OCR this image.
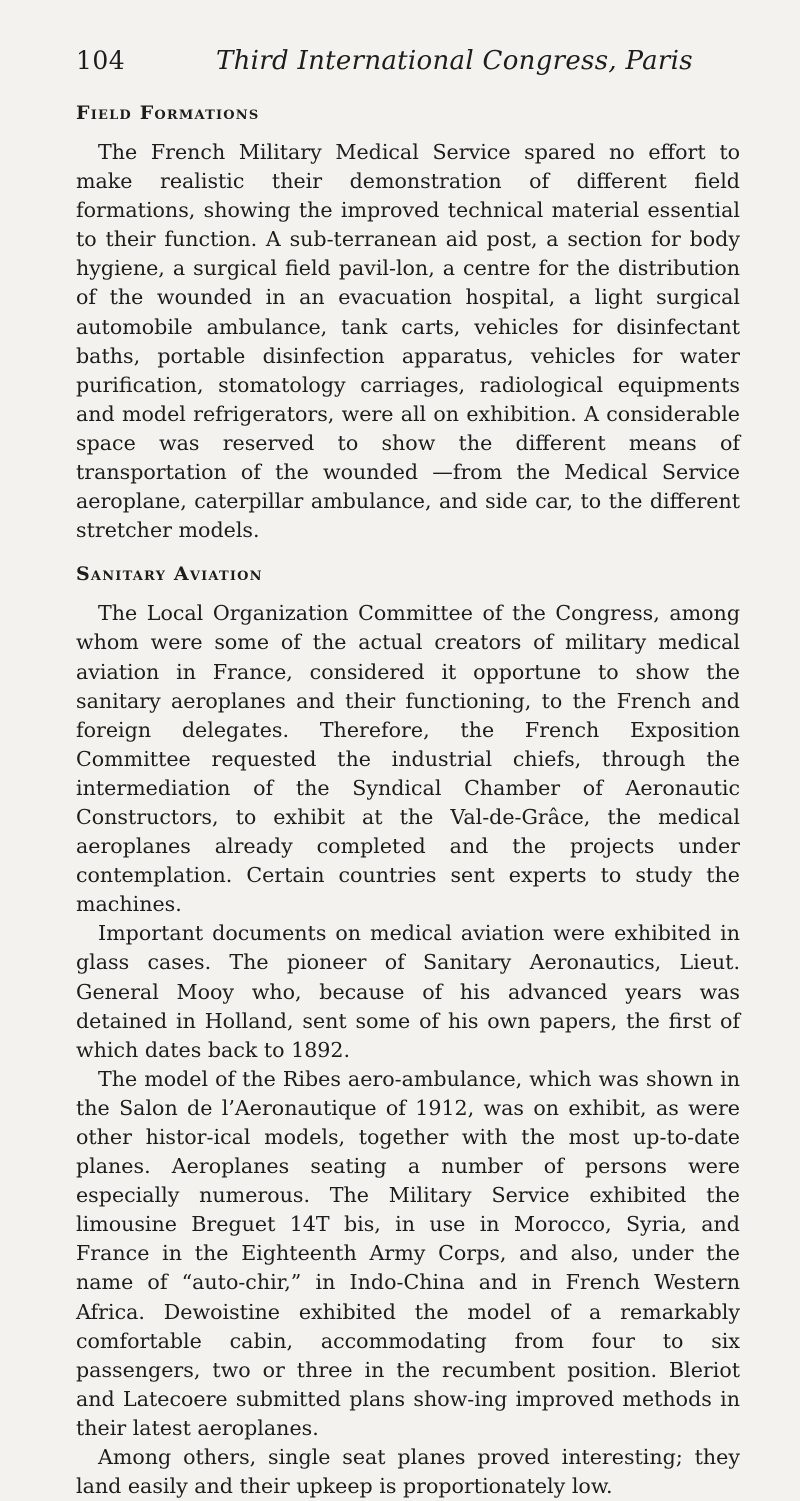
104	Third International Congress, Paris
Field Formations

The French Military Medical Service spared no effort to make realistic their demonstration of different field formations, showing the improved technical material essential to their function. A sub-terranean aid post, a section for body hygiene, a surgical field pavil-lon, a centre for the distribution of the wounded in an evacuation hospital, a light surgical automobile ambulance, tank carts, vehicles for disinfectant baths, portable disinfection apparatus, vehicles for water purification, stomatology carriages, radiological equipments and model refrigerators, were all on exhibition. A considerable space was reserved to show the different means of transportation of the wounded —from the Medical Service aeroplane, caterpillar ambulance, and side car, to the different stretcher models.

Sanitary Aviation

The Local Organization Committee of the Congress, among whom were some of the actual creators of military medical aviation in France, considered it opportune to show the sanitary aeroplanes and their functioning, to the French and foreign delegates. Therefore, the French Exposition Committee requested the industrial chiefs, through the intermediation of the Syndical Chamber of Aeronautic Constructors, to exhibit at the Val-de-Grâce, the medical aeroplanes already completed and the projects under contemplation. Certain countries sent experts to study the machines.

Important documents on medical aviation were exhibited in glass cases. The pioneer of Sanitary Aeronautics, Lieut. General Mooy who, because of his advanced years was detained in Holland, sent some of his own papers, the first of which dates back to 1892.

The model of the Ribes aero-ambulance, which was shown in the Salon de l’Aeronautique of 1912, was on exhibit, as were other histor-ical models, together with the most up-to-date planes. Aeroplanes seating a number of persons were especially numerous. The Military Service exhibited the limousine Breguet 14T bis, in use in Morocco, Syria, and France in the Eighteenth Army Corps, and also, under the name of “auto-chir,” in Indo-China and in French Western Africa. Dewoistine exhibited the model of a remarkably comfortable cabin, accommodating from four to six passengers, two or three in the recumbent position. Bleriot and Latecoere submitted plans show-ing improved methods in their latest aeroplanes.

Among others, single seat planes proved interesting; they land easily and their upkeep is proportionately low.
